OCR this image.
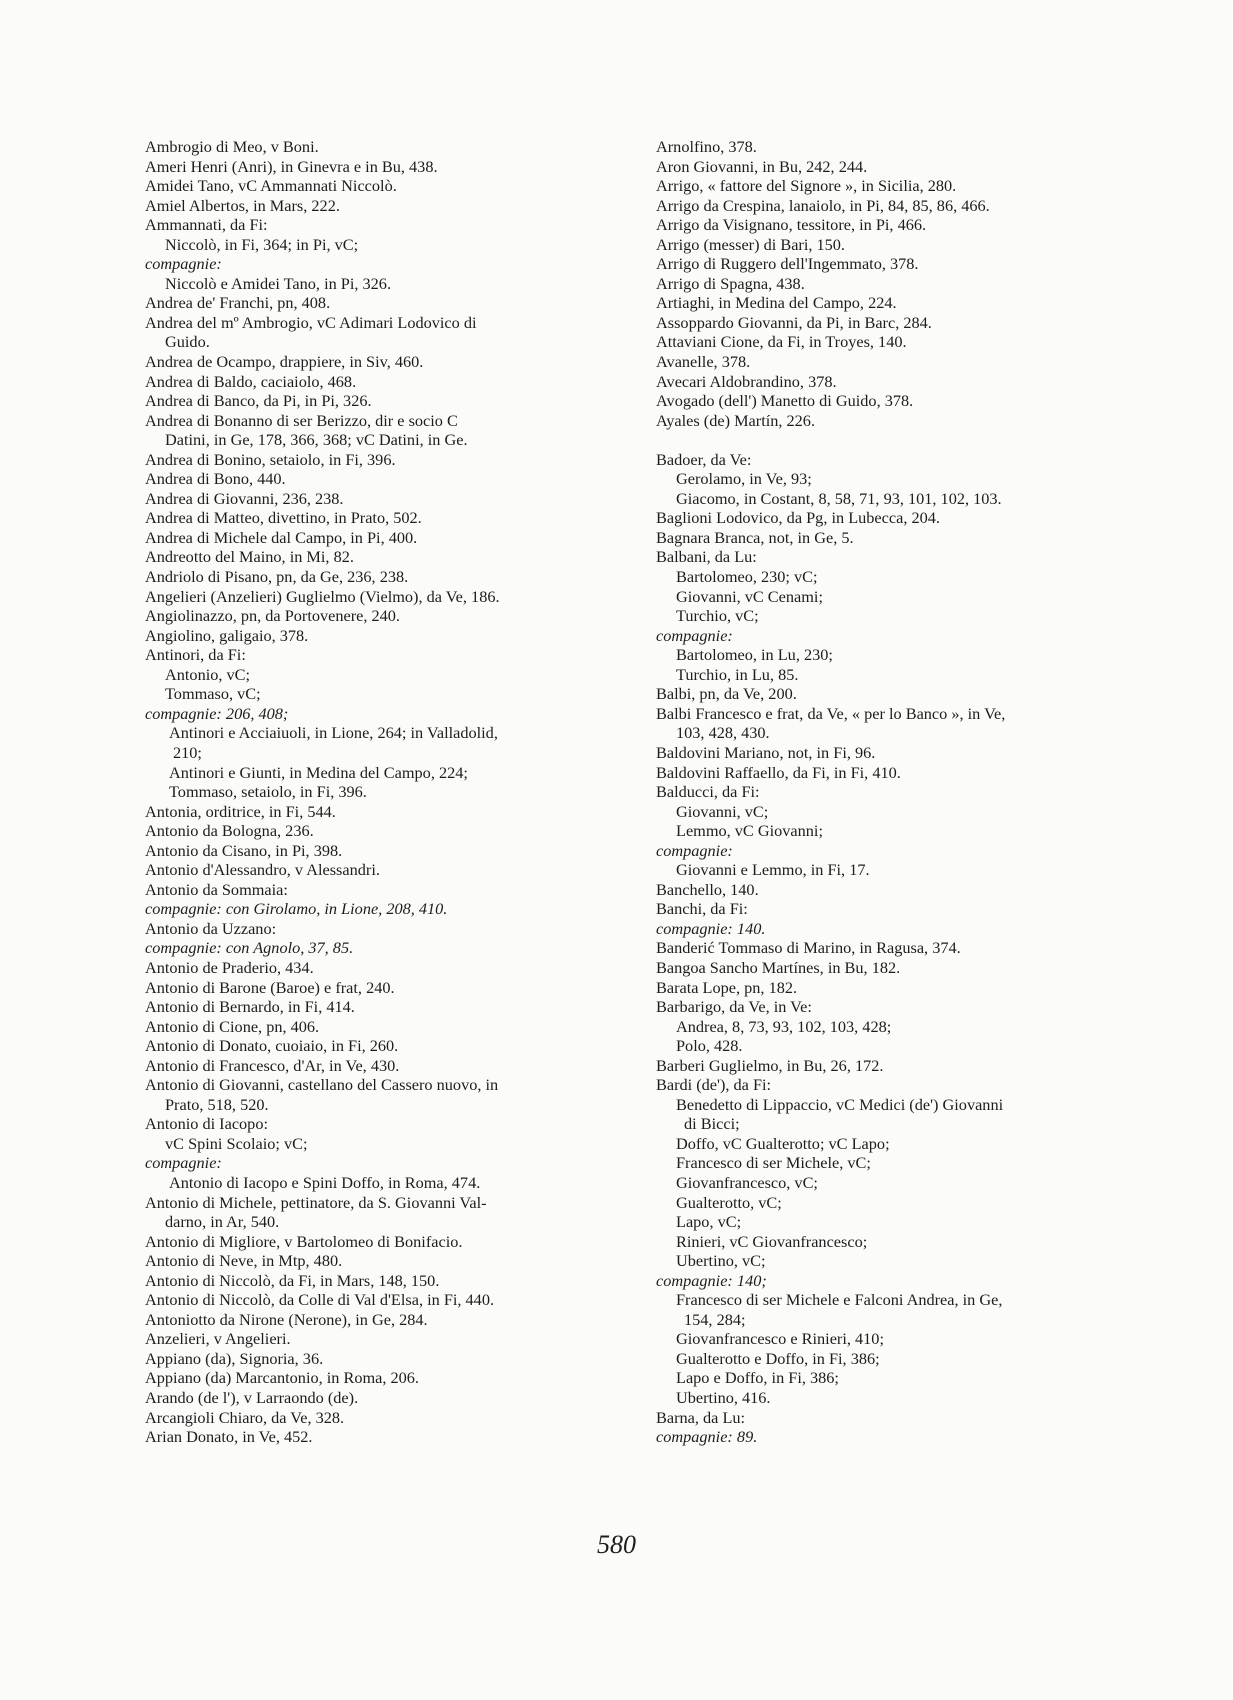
Ambrogio di Meo, v Boni.
Ameri Henri (Anri), in Ginevra e in Bu, 438.
Amidei Tano, vC Ammannati Niccolò.
Amiel Albertos, in Mars, 222.
Ammannati, da Fi:
Niccolò, in Fi, 364; in Pi, vC;
compagnie:
Niccolò e Amidei Tano, in Pi, 326.
Andrea de' Franchi, pn, 408.
Andrea del mº Ambrogio, vC Adimari Lodovico di
Guido.
Andrea de Ocampo, drappiere, in Siv, 460.
Andrea di Baldo, caciaiolo, 468.
Andrea di Banco, da Pi, in Pi, 326.
Andrea di Bonanno di ser Berizzo, dir e socio C
Datini, in Ge, 178, 366, 368; vC Datini, in Ge.
Andrea di Bonino, setaiolo, in Fi, 396.
Andrea di Bono, 440.
Andrea di Giovanni, 236, 238.
Andrea di Matteo, divettino, in Prato, 502.
Andrea di Michele dal Campo, in Pi, 400.
Andreotto del Maino, in Mi, 82.
Andriolo di Pisano, pn, da Ge, 236, 238.
Angelieri (Anzelieri) Guglielmo (Vielmo), da Ve, 186.
Angiolinazzo, pn, da Portovenere, 240.
Angiolino, galigaio, 378.
Antinori, da Fi:
Antonio, vC;
Tommaso, vC;
compagnie: 206, 408;
Antinori e Acciaiuoli, in Lione, 264; in Valladolid,
210;
Antinori e Giunti, in Medina del Campo, 224;
Tommaso, setaiolo, in Fi, 396.
Antonia, orditrice, in Fi, 544.
Antonio da Bologna, 236.
Antonio da Cisano, in Pi, 398.
Antonio d'Alessandro, v Alessandri.
Antonio da Sommaia:
compagnie: con Girolamo, in Lione, 208, 410.
Antonio da Uzzano:
compagnie: con Agnolo, 37, 85.
Antonio de Praderio, 434.
Antonio di Barone (Baroe) e frat, 240.
Antonio di Bernardo, in Fi, 414.
Antonio di Cione, pn, 406.
Antonio di Donato, cuoiaio, in Fi, 260.
Antonio di Francesco, d'Ar, in Ve, 430.
Antonio di Giovanni, castellano del Cassero nuovo, in
Prato, 518, 520.
Antonio di Iacopo:
vC Spini Scolaio; vC;
compagnie:
Antonio di Iacopo e Spini Doffo, in Roma, 474.
Antonio di Michele, pettinatore, da S. Giovanni Val-
darno, in Ar, 540.
Antonio di Migliore, v Bartolomeo di Bonifacio.
Antonio di Neve, in Mtp, 480.
Antonio di Niccolò, da Fi, in Mars, 148, 150.
Antonio di Niccolò, da Colle di Val d'Elsa, in Fi, 440.
Antoniotto da Nirone (Nerone), in Ge, 284.
Anzelieri, v Angelieri.
Appiano (da), Signoria, 36.
Appiano (da) Marcantonio, in Roma, 206.
Arando (de l'), v Larraondo (de).
Arcangioli Chiaro, da Ve, 328.
Arian Donato, in Ve, 452.
Arnolfino, 378.
Aron Giovanni, in Bu, 242, 244.
Arrigo, « fattore del Signore », in Sicilia, 280.
Arrigo da Crespina, lanaiolo, in Pi, 84, 85, 86, 466.
Arrigo da Visignano, tessitore, in Pi, 466.
Arrigo (messer) di Bari, 150.
Arrigo di Ruggero dell'Ingemmato, 378.
Arrigo di Spagna, 438.
Artiaghi, in Medina del Campo, 224.
Assoppardo Giovanni, da Pi, in Barc, 284.
Attaviani Cione, da Fi, in Troyes, 140.
Avanelle, 378.
Avecari Aldobrandino, 378.
Avogado (dell') Manetto di Guido, 378.
Ayales (de) Martín, 226.
Badoer, da Ve:
Gerolamo, in Ve, 93;
Giacomo, in Costant, 8, 58, 71, 93, 101, 102, 103.
Baglioni Lodovico, da Pg, in Lubecca, 204.
Bagnara Branca, not, in Ge, 5.
Balbani, da Lu:
Bartolomeo, 230; vC;
Giovanni, vC Cenami;
Turchio, vC;
compagnie:
Bartolomeo, in Lu, 230;
Turchio, in Lu, 85.
Balbi, pn, da Ve, 200.
Balbi Francesco e frat, da Ve, « per lo Banco », in Ve,
103, 428, 430.
Baldovini Mariano, not, in Fi, 96.
Baldovini Raffaello, da Fi, in Fi, 410.
Balducci, da Fi:
Giovanni, vC;
Lemmo, vC Giovanni;
compagnie:
Giovanni e Lemmo, in Fi, 17.
Banchello, 140.
Banchi, da Fi:
compagnie: 140.
Banderić Tommaso di Marino, in Ragusa, 374.
Bangoa Sancho Martínes, in Bu, 182.
Barata Lope, pn, 182.
Barbarigo, da Ve, in Ve:
Andrea, 8, 73, 93, 102, 103, 428;
Polo, 428.
Barberi Guglielmo, in Bu, 26, 172.
Bardi (de'), da Fi:
Benedetto di Lippaccio, vC Medici (de') Giovanni
di Bicci;
Doffo, vC Gualterotto; vC Lapo;
Francesco di ser Michele, vC;
Giovanfrancesco, vC;
Gualterotto, vC;
Lapo, vC;
Rinieri, vC Giovanfrancesco;
Ubertino, vC;
compagnie: 140;
Francesco di ser Michele e Falconi Andrea, in Ge,
154, 284;
Giovanfrancesco e Rinieri, 410;
Gualterotto e Doffo, in Fi, 386;
Lapo e Doffo, in Fi, 386;
Ubertino, 416.
Barna, da Lu:
compagnie: 89.
580
